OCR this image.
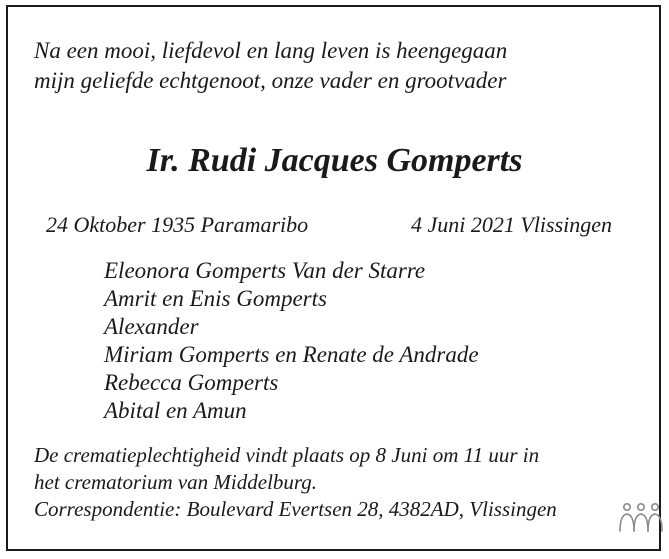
Na een mooi, liefdevol en lang leven is heengegaan
mijn geliefde echtgenoot, onze vader en grootvader
Ir. Rudi Jacques Gomperts
24 Oktober 1935 Paramaribo	4 Juni 2021 Vlissingen
Eleonora Gomperts Van der Starre
Amrit en Enis Gomperts
Alexander
Miriam Gomperts en Renate de Andrade
Rebecca Gomperts
Abital en Amun
De crematieplechtigheid vindt plaats op 8 Juni om 11 uur in
het crematorium van Middelburg.
Correspondentie: Boulevard Evertsen 28, 4382AD, Vlissingen
